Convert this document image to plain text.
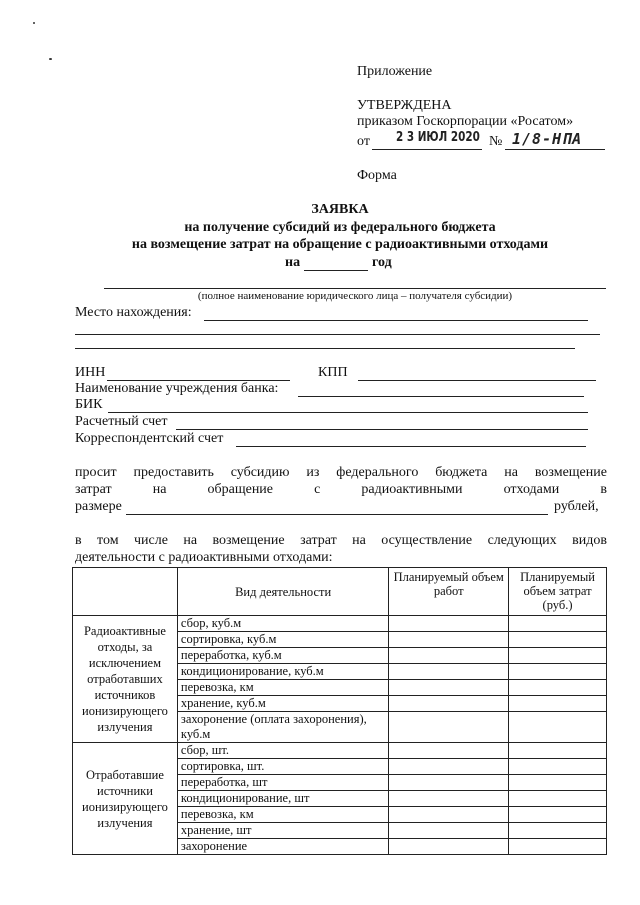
Приложение
УТВЕРЖДЕНА
приказом Госкорпорации «Росатом»
от 2 3 ИЮЛ 2020 № 1/8-НПА
Форма
ЗАЯВКА
на получение субсидий из федерального бюджета
на возмещение затрат на обращение с радиоактивными отходами
на	год
(полное наименование юридического лица – получателя субсидии)
Место нахождения:
ИНН	КПП
Наименование учреждения банка:
БИК
Расчетный счет
Корреспондентский счет
просит предоставить субсидию из федерального бюджета на возмещение
затрат	на	обращение	с	радиоактивными	отходами	в
размере	рублей,
в том числе на возмещение затрат на осуществление следующих видов
деятельности с радиоактивными отходами:
	Вид деятельности	Планируемый объем работ	Планируемый объем затрат (руб.)
Радиоактивные отходы, за исключением отработавших источников ионизирующего излучения	сбор, куб.м		
	сортировка, куб.м		
	переработка, куб.м		
	кондиционирование, куб.м		
	перевозка, км		
	хранение, куб.м		
	захоронение (оплата захоронения), куб.м		
Отработавшие источники ионизирующего излучения	сбор, шт.		
	сортировка, шт.		
	переработка, шт		
	кондиционирование, шт		
	перевозка, км		
	хранение, шт		
	захоронение		
